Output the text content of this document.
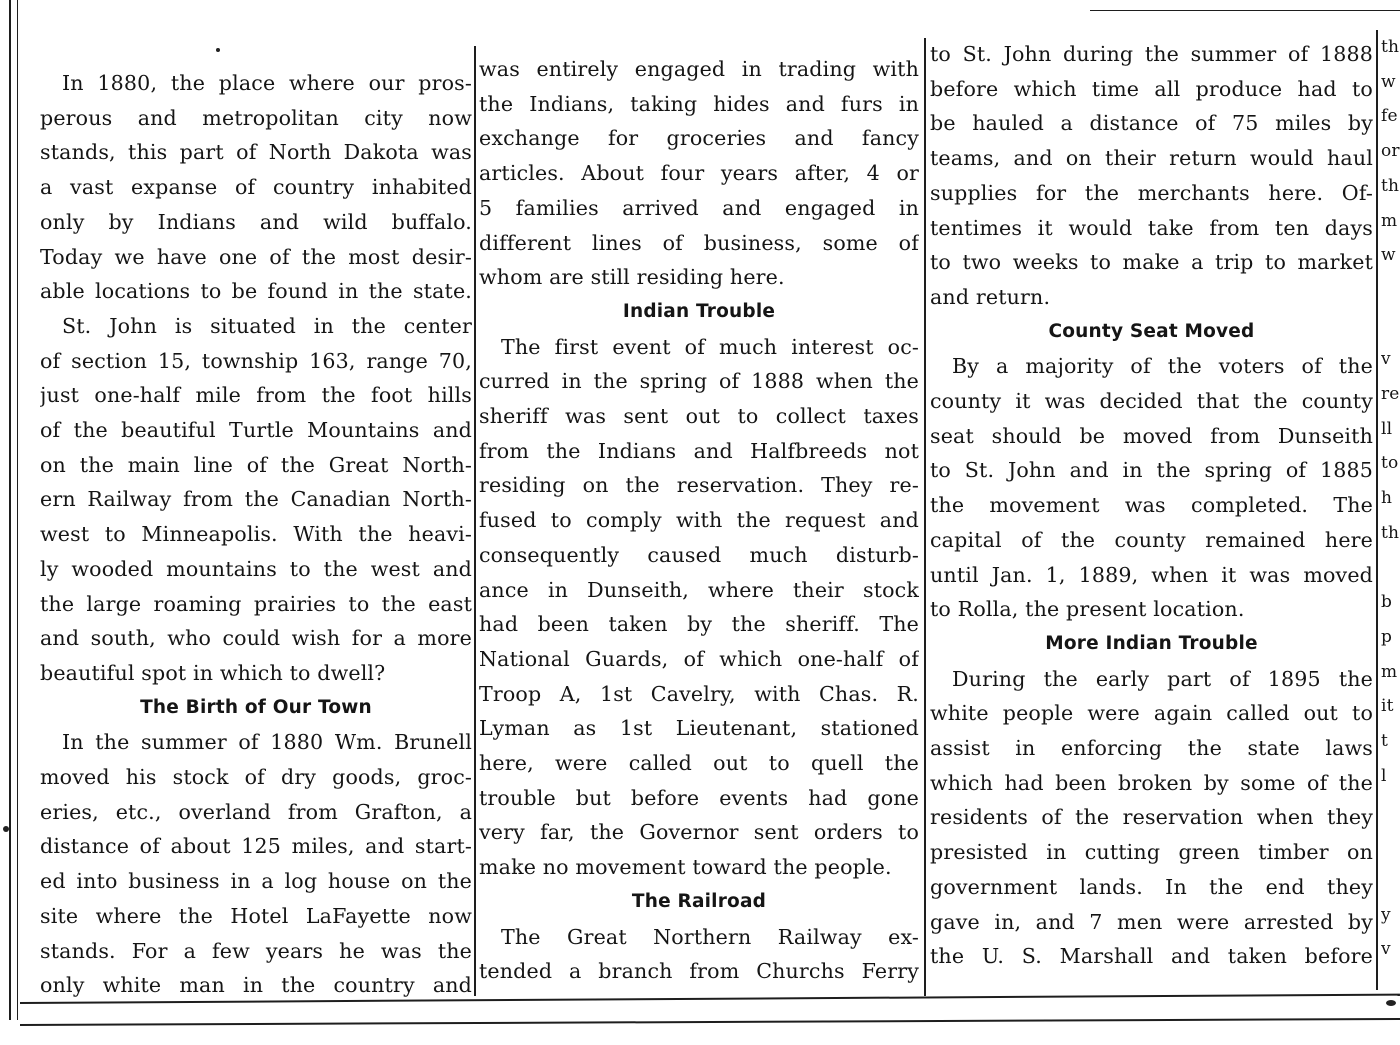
In 1880, the place where our pros-
perous and metropolitan city now
stands, this part of North Dakota was
a vast expanse of country inhabited
only by Indians and wild buffalo.
Today we have one of the most desir-
able locations to be found in the state.
St. John is situated in the center
of section 15, township 163, range 70,
just one-half mile from the foot hills
of the beautiful Turtle Mountains and
on the main line of the Great North-
ern Railway from the Canadian North-
west to Minneapolis. With the heavi-
ly wooded mountains to the west and
the large roaming prairies to the east
and south, who could wish for a more
beautiful spot in which to dwell?
The Birth of Our Town
In the summer of 1880 Wm. Brunell
moved his stock of dry goods, groc-
eries, etc., overland from Grafton, a
distance of about 125 miles, and start-
ed into business in a log house on the
site where the Hotel LaFayette now
stands. For a few years he was the
only white man in the country and
was entirely engaged in trading with
the Indians, taking hides and furs in
exchange for groceries and fancy
articles. About four years after, 4 or
5 families arrived and engaged in
different lines of business, some of
whom are still residing here.
Indian Trouble
The first event of much interest oc-
curred in the spring of 1888 when the
sheriff was sent out to collect taxes
from the Indians and Halfbreeds not
residing on the reservation. They re-
fused to comply with the request and
consequently caused much disturb-
ance in Dunseith, where their stock
had been taken by the sheriff. The
National Guards, of which one-half of
Troop A, 1st Cavelry, with Chas. R.
Lyman as 1st Lieutenant, stationed
here, were called out to quell the
trouble but before events had gone
very far, the Governor sent orders to
make no movement toward the people.
The Railroad
The Great Northern Railway ex-
tended a branch from Churchs Ferry
to St. John during the summer of 1888
before which time all produce had to
be hauled a distance of 75 miles by
teams, and on their return would haul
supplies for the merchants here. Of-
tentimes it would take from ten days
to two weeks to make a trip to market
and return.
County Seat Moved
By a majority of the voters of the
county it was decided that the county
seat should be moved from Dunseith
to St. John and in the spring of 1885
the movement was completed. The
capital of the county remained here
until Jan. 1, 1889, when it was moved
to Rolla, the present location.
More Indian Trouble
During the early part of 1895 the
white people were again called out to
assist in enforcing the state laws
which had been broken by some of the
residents of the reservation when they
presisted in cutting green timber on
government lands. In the end they
gave in, and 7 men were arrested by
the U. S. Marshall and taken before
th
w
fe
or
th
m
w

v
re
ll
to
h
th

b
p
m
it
t
l

y
v
